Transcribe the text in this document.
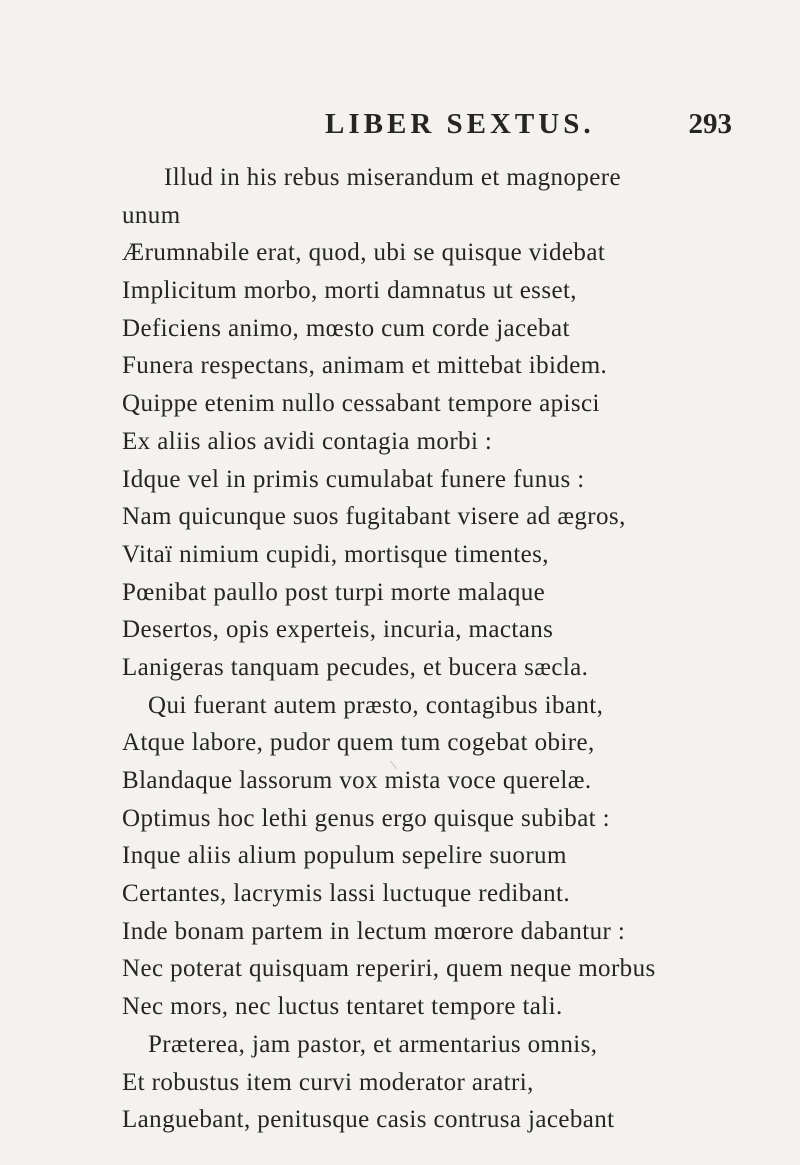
LIBER SEXTUS.	293
Illud in his rebus miserandum et magnopere
unum
Ærumnabile erat, quod, ubi se quisque videbat
Implicitum morbo, morti damnatus ut esset,
Deficiens animo, mœsto cum corde jacebat
Funera respectans, animam et mittebat ibidem.
Quippe etenim nullo cessabant tempore apisci
Ex aliis alios avidi contagia morbi :
Idque vel in primis cumulabat funere funus :
Nam quicunque suos fugitabant visere ad ægros,
Vitaï nimium cupidi, mortisque timentes,
Pœnibat paullo post turpi morte malaque
Desertos, opis experteis, incuria, mactans
Lanigeras tanquam pecudes, et bucera sæcla.
Qui fuerant autem præsto, contagibus ibant,
Atque labore, pudor quem tum cogebat obire,
Blandaque lassorum vox mista voce querelæ.
Optimus hoc lethi genus ergo quisque subibat :
Inque aliis alium populum sepelire suorum
Certantes, lacrymis lassi luctuque redibant.
Inde bonam partem in lectum mœrore dabantur :
Nec poterat quisquam reperiri, quem neque morbus
Nec mors, nec luctus tentaret tempore tali.
Præterea, jam pastor, et armentarius omnis,
Et robustus item curvi moderator aratri,
Languebant, penitusque casis contrusa jacebant
